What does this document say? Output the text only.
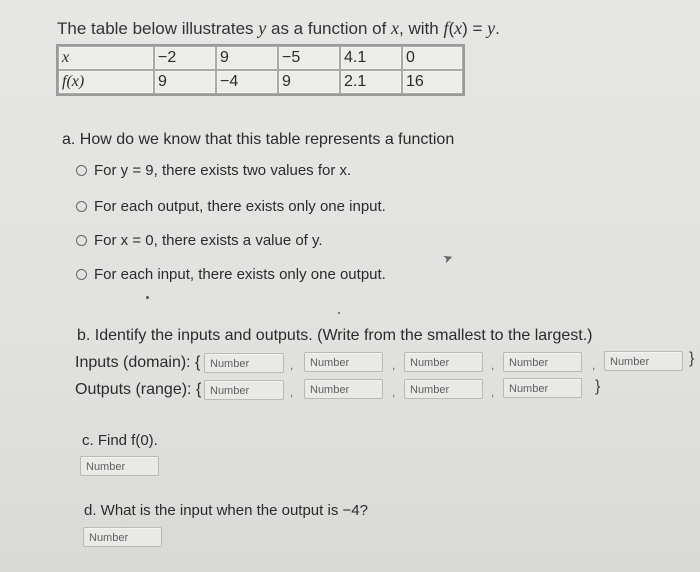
The table below illustrates y as a function of x, with f(x) = y.
x	−2	9	−5	4.1	0
f(x)	9	−4	9	2.1	16
a. How do we know that this table represents a function
For y = 9, there exists two values for x.
For each output, there exists only one input.
For x = 0, there exists a value of y.
For each input, there exists only one output.
➤
b. Identify the inputs and outputs. (Write from the smallest to the largest.)
Inputs (domain): { Number	,	Number	,	Number	,	Number	,	Number	}
Outputs (range): { Number	,	Number	,	Number	,	Number	}
c. Find f(0).
Number
d. What is the input when the output is −4?
Number
